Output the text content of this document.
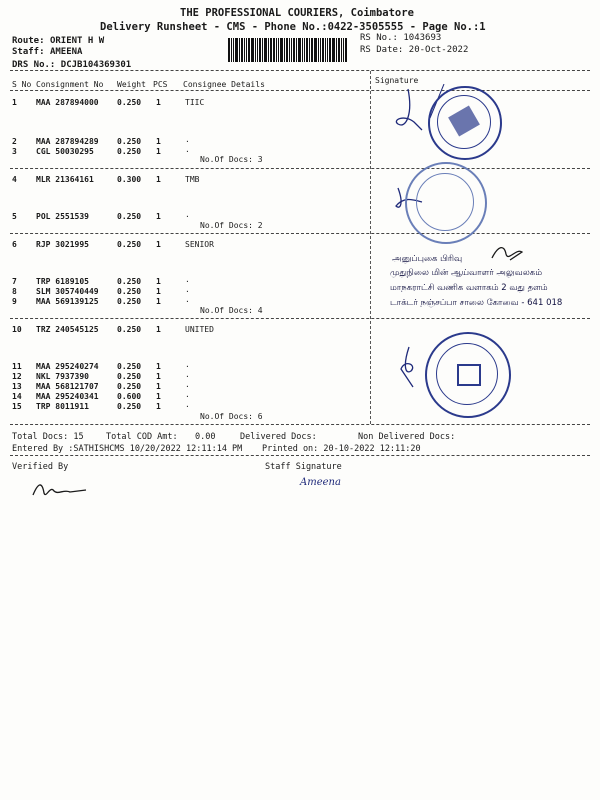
THE PROFESSIONAL COURIERS, Coimbatore
Delivery Runsheet - CMS - Phone No.:0422-3505555 - Page No.:1
Route: ORIENT H W
Staff: AMEENA
DRS No.: DCJB104369301
RS No.: 1043693
RS Date: 20-Oct-2022
S No Consignment No Weight PCS Consignee Details	Signature
1 MAA 287894000 0.250 1	TIIC
2 MAA 287894289 0.250 1	.
3 CGL 50030295	0.250 1	.
No.Of Docs: 3
4 MLR 21364161	0.300 1	TMB
5 POL 2551539	0.250 1	.
No.Of Docs: 2
6 RJP 3021995	0.250 1	SENIOR
7 TRP 6189105	0.250 1	.
8 SLM 305740449 0.250 1	.
9 MAA 569139125 0.250 1	.
No.Of Docs: 4
10 TRZ 240545125 0.250 1	UNITED
11 MAA 295240274 0.250 1	.
12 NKL 7937390	0.250 1	.
13 MAA 568121707 0.250 1	.
14 MAA 295240341 0.600 1	.
15 TRP 8011911	0.250 1	.
No.Of Docs: 6
Total Docs: 15	Total COD Amt: 0.00	Delivered Docs:	Non Delivered Docs:
Entered By :SATHISHCMS 10/20/2022 12:11:14 PM Printed on: 20-10-2022 12:11:20
Verified By	Staff Signature
Ameena
அனுப்புகை பிரிவு
முதுநிலை மின் ஆய்வாளர் அலுவலகம்
மாநகராட்சி வணிக வளாகம் 2 வது தளம்
டாக்டர் நஞ்சப்பா சாலை கோவை - 641 018
